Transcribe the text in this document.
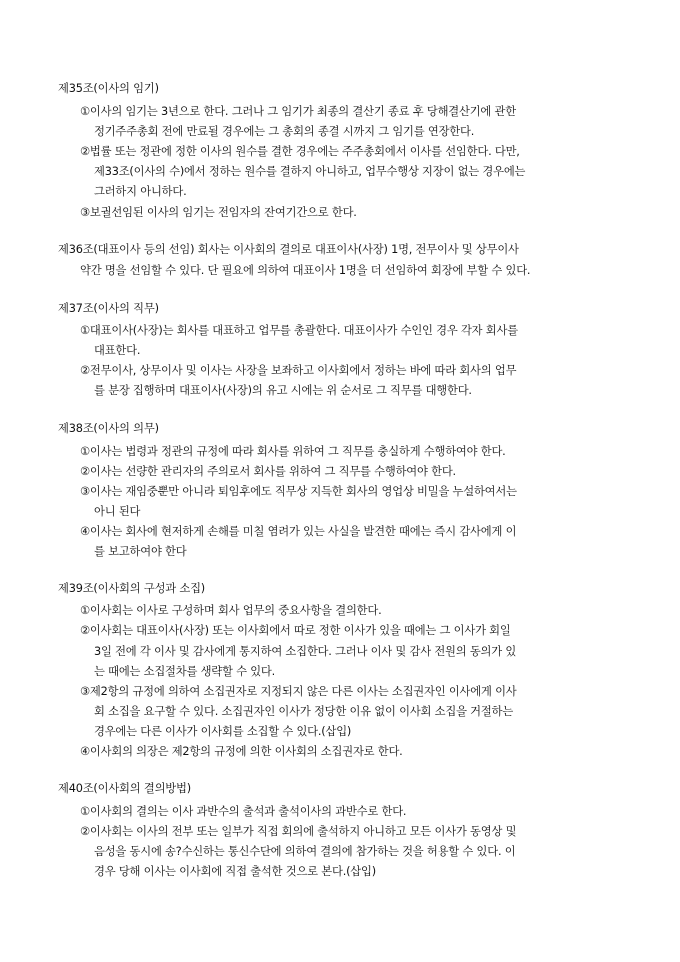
제35조(이사의 임기)
①이사의 임기는 3년으로 한다. 그러나 그 임기가 최종의 결산기 종료 후 당해결산기에 관한
정기주주총회 전에 만료될 경우에는 그 총회의 종결 시까지 그 임기를 연장한다.
②법률 또는 정관에 정한 이사의 원수를 결한 경우에는 주주총회에서 이사를 선임한다. 다만,
제33조(이사의 수)에서 정하는 원수를 결하지 아니하고, 업무수행상 지장이 없는 경우에는
그러하지 아니하다.
③보궐선임된 이사의 임기는 전임자의 잔여기간으로 한다.
제36조(대표이사 등의 선임) 회사는 이사회의 결의로 대표이사(사장) 1명, 전무이사 및 상무이사
약간 명을 선임할 수 있다. 단 필요에 의하여 대표이사 1명을 더 선임하여 회장에 부할 수 있다.
제37조(이사의 직무)
①대표이사(사장)는 회사를 대표하고 업무를 총괄한다. 대표이사가 수인인 경우 각자 회사를
대표한다.
②전무이사, 상무이사 및 이사는 사장을 보좌하고 이사회에서 정하는 바에 따라 회사의 업무
를 분장 집행하며 대표이사(사장)의 유고 시에는 위 순서로 그 직무를 대행한다.
제38조(이사의 의무)
①이사는 법령과 정관의 규정에 따라 회사를 위하여 그 직무를 충실하게 수행하여야 한다.
②이사는 선량한 관리자의 주의로서 회사를 위하여 그 직무를 수행하여야 한다.
③이사는 재임중뿐만 아니라 퇴임후에도 직무상 지득한 회사의 영업상 비밀을 누설하여서는
아니 된다
④이사는 회사에 현저하게 손해를 미칠 염려가 있는 사실을 발견한 때에는 즉시 감사에게 이
를 보고하여야 한다
제39조(이사회의 구성과 소집)
①이사회는 이사로 구성하며 회사 업무의 중요사항을 결의한다.
②이사회는 대표이사(사장) 또는 이사회에서 따로 정한 이사가 있을 때에는 그 이사가 회일
3일 전에 각 이사 및 감사에게 통지하여 소집한다. 그러나 이사 및 감사 전원의 동의가 있
는 때에는 소집절차를 생략할 수 있다.
③제2항의 규정에 의하여 소집권자로 지정되지 않은 다른 이사는 소집권자인 이사에게 이사
회 소집을 요구할 수 있다. 소집권자인 이사가 정당한 이유 없이 이사회 소집을 거절하는
경우에는 다른 이사가 이사회를 소집할 수 있다.(삽입)
④이사회의 의장은 제2항의 규정에 의한 이사회의 소집권자로 한다.
제40조(이사회의 결의방법)
①이사회의 결의는 이사 과반수의 출석과 출석이사의 과반수로 한다.
②이사회는 이사의 전부 또는 일부가 직접 회의에 출석하지 아니하고 모든 이사가 동영상 및
음성을 동시에 송?수신하는 통신수단에 의하여 결의에 참가하는 것을 허용할 수 있다. 이
경우 당해 이사는 이사회에 직접 출석한 것으로 본다.(삽입)
